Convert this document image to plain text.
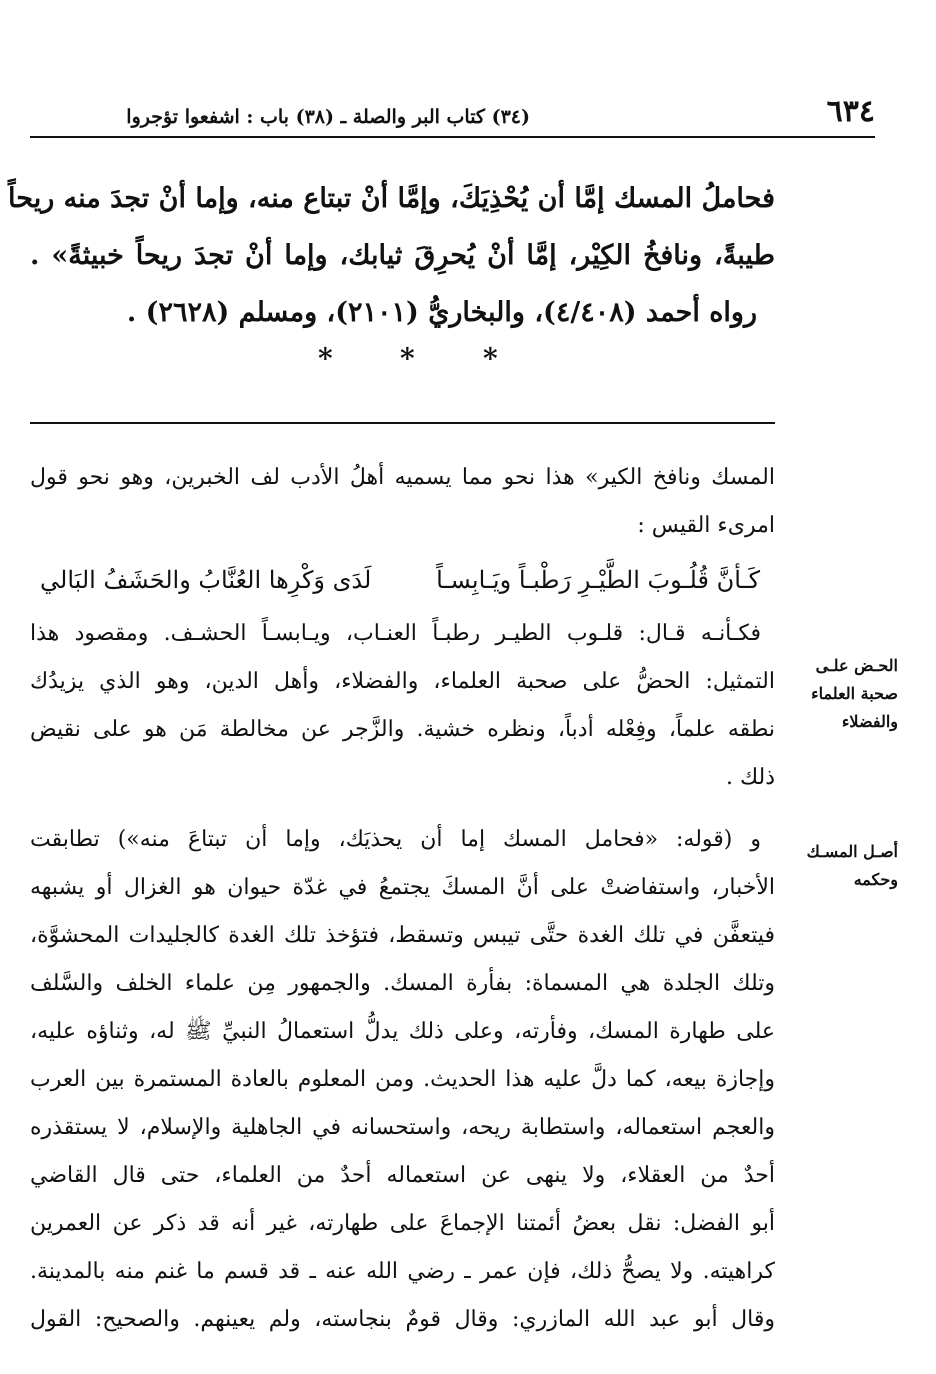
٦٣٤
(٣٤) كتاب البر والصلة ـ (٣٨) باب : اشفعوا تؤجروا
فحاملُ المسك إمَّا أن يُحْذِيَكَ، وإمَّا أنْ تبتاع منه، وإما أنْ تجدَ منه ريحاً
طيبةً، ونافخُ الكِيْر، إمَّا أنْ يُحرِقَ ثيابك، وإما أنْ تجدَ ريحاً خبيثةً» .
رواه أحمد (٤/٤٠٨)، والبخاريُّ (٢١٠١)، ومسلم (٢٦٢٨) .
*
*
*
المسك ونافخ الكير» هذا نحو مما يسميه أهلُ الأدب لف الخبرين، وهو نحو قول
امرىء القيس :
كَـأنَّ قُلُـوبَ الطَّيْـرِ رَطْبـاً ويَـابِسـاً
لَدَى وَكْرِها العُنَّابُ والحَشَفُ البَالي
فكـأنـه قـال: قلـوب الطيـر رطبـاً العنـاب، ويـابسـاً الحشـف. ومقصود هذا
التمثيل: الحضُّ على صحبة العلماء، والفضلاء، وأهل الدين، وهو الذي يزيدُك
نطقه علماً، وفِعْله أدباً، ونظره خشية. والزَّجر عن مخالطة مَن هو على نقيض
ذلك .
و (قوله: «فحامل المسك إما أن يحذيَك، وإما أن تبتاعَ منه») تطابقت
الأخبار، واستفاضتْ على أنَّ المسكَ يجتمعُ في غدّة حيوان هو الغزال أو يشبهه
فيتعفَّن في تلك الغدة حتَّى تيبس وتسقط، فتؤخذ تلك الغدة كالجليدات المحشوَّة،
وتلك الجلدة هي المسماة: بفأرة المسك. والجمهور مِن علماء الخلف والسَّلف
على طهارة المسك، وفأرته، وعلى ذلك يدلُّ استعمالُ النبيِّ ﷺ له، وثناؤه عليه،
وإجازة بيعه، كما دلَّ عليه هذا الحديث. ومن المعلوم بالعادة المستمرة بين العرب
والعجم استعماله، واستطابة ريحه، واستحسانه في الجاهلية والإسلام، لا يستقذره
أحدٌ من العقلاء، ولا ينهى عن استعماله أحدٌ من العلماء، حتى قال القاضي
أبو الفضل: نقل بعضُ أئمتنا الإجماعَ على طهارته، غير أنه قد ذكر عن العمرين
كراهيته. ولا يصحُّ ذلك، فإن عمر ـ رضي الله عنه ـ قد قسم ما غنم منه بالمدينة.
وقال أبو عبد الله المازري: وقال قومٌ بنجاسته، ولم يعينهم. والصحيح: القول
الحـض علـى
صحبة العلماء
والفضلاء
أصـل المسـك
وحكمه
